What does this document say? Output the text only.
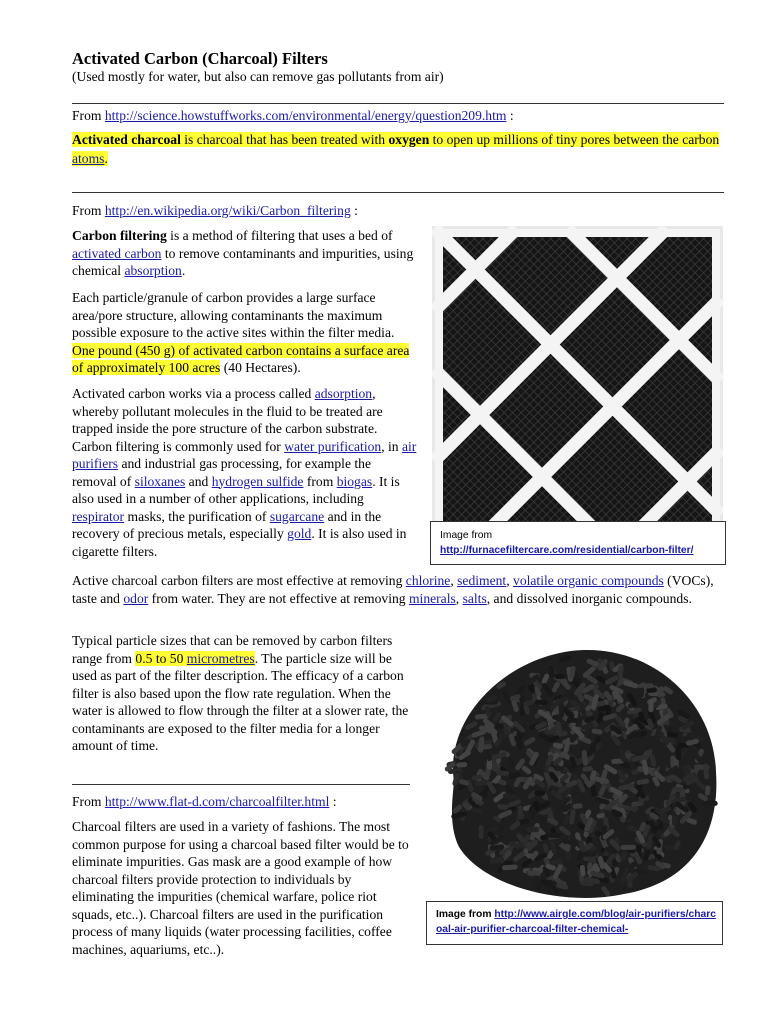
Activated Carbon (Charcoal) Filters
(Used mostly for water, but also can remove gas pollutants from air)
From http://science.howstuffworks.com/environmental/energy/question209.htm :
Activated charcoal is charcoal that has been treated with oxygen to open up millions of tiny pores between the carbon atoms.
From http://en.wikipedia.org/wiki/Carbon_filtering :
Carbon filtering is a method of filtering that uses a bed of activated carbon to remove contaminants and impurities, using chemical absorption.
Each particle/granule of carbon provides a large surface area/pore structure, allowing contaminants the maximum possible exposure to the active sites within the filter media. One pound (450 g) of activated carbon contains a surface area of approximately 100 acres (40 Hectares).
Activated carbon works via a process called adsorption, whereby pollutant molecules in the fluid to be treated are trapped inside the pore structure of the carbon substrate. Carbon filtering is commonly used for water purification, in air purifiers and industrial gas processing, for example the removal of siloxanes and hydrogen sulfide from biogas. It is also used in a number of other applications, including respirator masks, the purification of sugarcane and in the recovery of precious metals, especially gold. It is also used in cigarette filters.
Image from
http://furnacefiltercare.com/residential/carbon-filter/
Active charcoal carbon filters are most effective at removing chlorine, sediment, volatile organic compounds (VOCs), taste and odor from water. They are not effective at removing minerals, salts, and dissolved inorganic compounds.
Typical particle sizes that can be removed by carbon filters range from 0.5 to 50 micrometres. The particle size will be used as part of the filter description. The efficacy of a carbon filter is also based upon the flow rate regulation. When the water is allowed to flow through the filter at a slower rate, the contaminants are exposed to the filter media for a longer amount of time.
From http://www.flat-d.com/charcoalfilter.html :
Charcoal filters are used in a variety of fashions. The most common purpose for using a charcoal based filter would be to eliminate impurities. Gas mask are a good example of how charcoal filters provide protection to individuals by eliminating the impurities (chemical warfare, police riot squads, etc..). Charcoal filters are used in the purification process of many liquids (water processing facilities, coffee machines, aquariums, etc..).
Image from http://www.airgle.com/blog/air-purifiers/charcoal-air-purifier-charcoal-filter-chemical-
